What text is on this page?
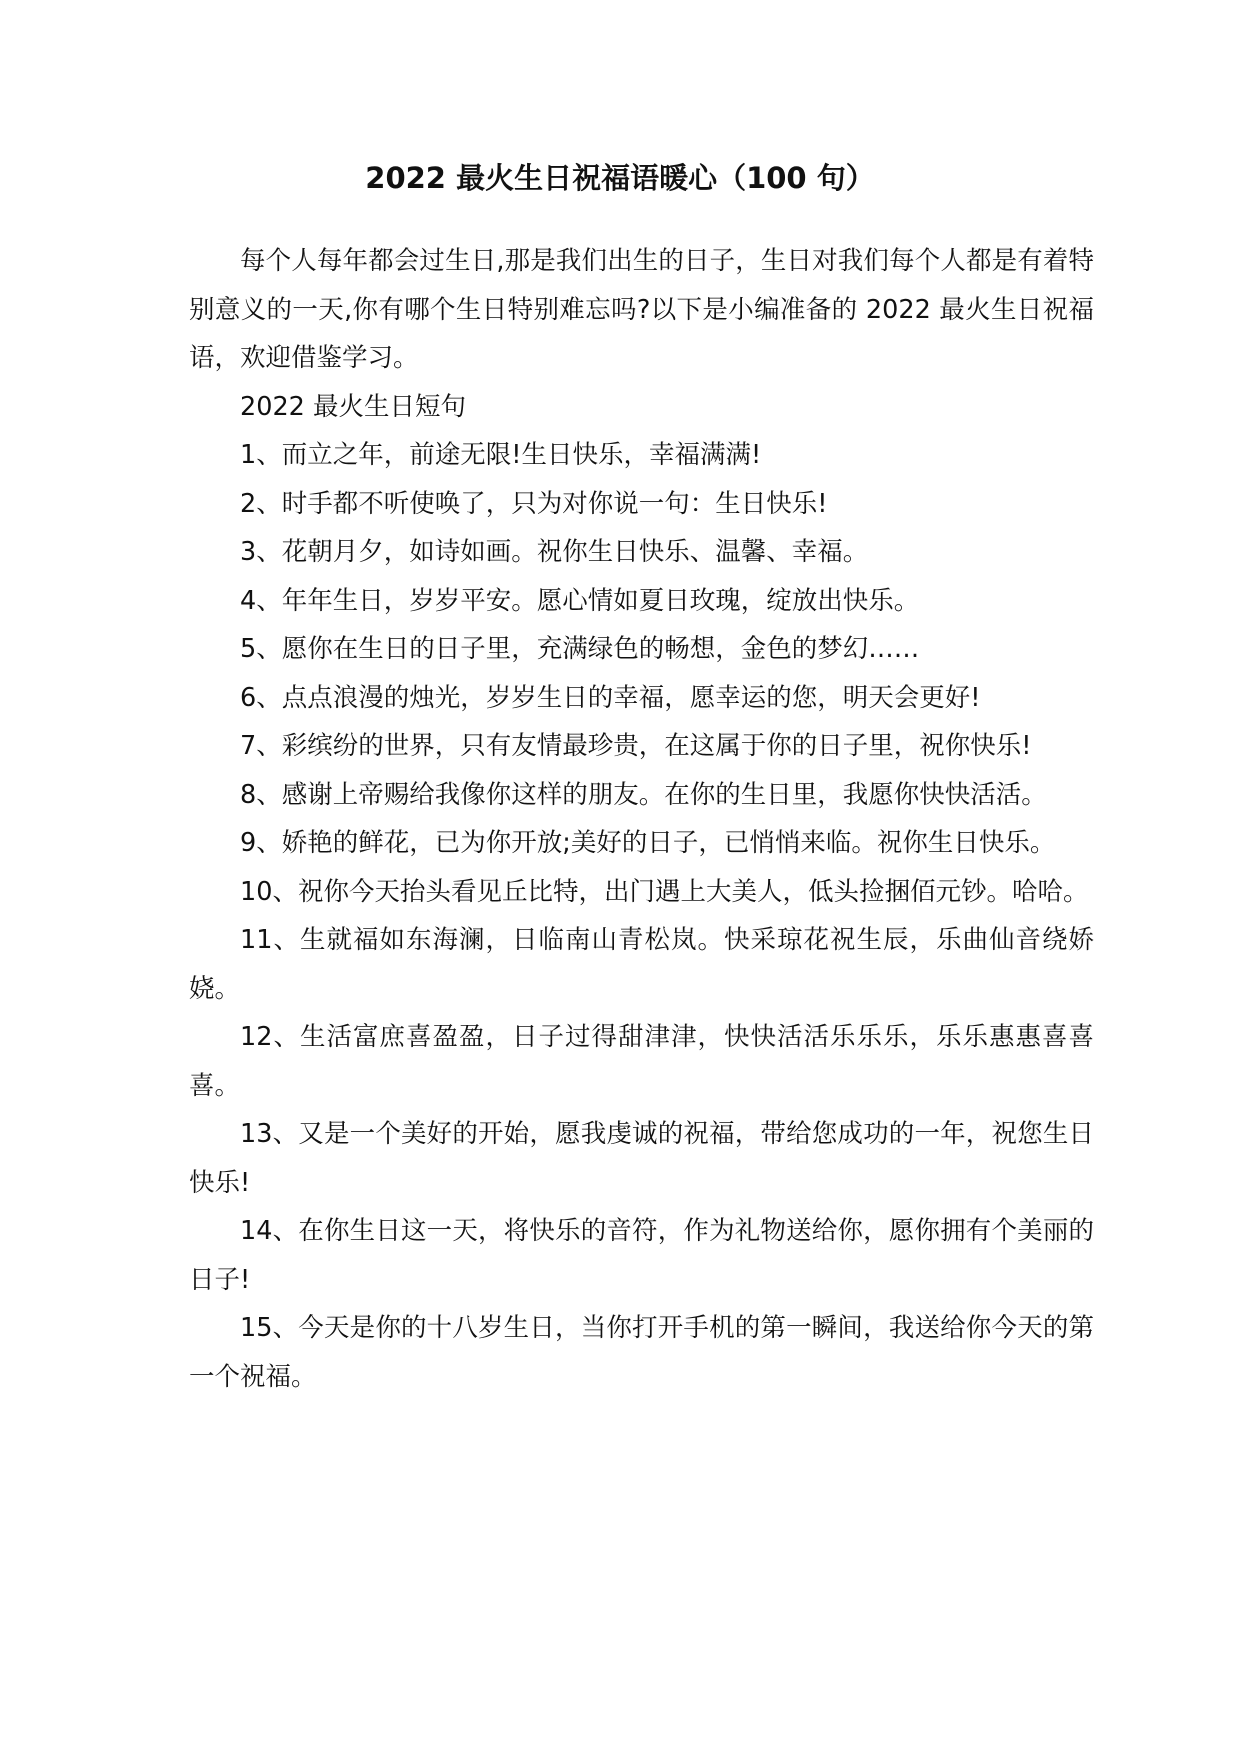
2022 最火生日祝福语暖心（100 句）

每个人每年都会过生日,那是我们出生的日子，生日对我们每个人都是有着特别意义的一天,你有哪个生日特别难忘吗?以下是小编准备的 2022 最火生日祝福语，欢迎借鉴学习。

2022 最火生日短句

1、而立之年，前途无限!生日快乐，幸福满满!

2、时手都不听使唤了，只为对你说一句：生日快乐!

3、花朝月夕，如诗如画。祝你生日快乐、温馨、幸福。

4、年年生日，岁岁平安。愿心情如夏日玫瑰，绽放出快乐。

5、愿你在生日的日子里，充满绿色的畅想，金色的梦幻……

6、点点浪漫的烛光，岁岁生日的幸福，愿幸运的您，明天会更好!

7、彩缤纷的世界，只有友情最珍贵，在这属于你的日子里，祝你快乐!

8、感谢上帝赐给我像你这样的朋友。在你的生日里，我愿你快快活活。

9、娇艳的鲜花，已为你开放;美好的日子，已悄悄来临。祝你生日快乐。

10、祝你今天抬头看见丘比特，出门遇上大美人，低头捡捆佰元钞。哈哈。

11、生就福如东海澜，日临南山青松岚。快采琼花祝生辰，乐曲仙音绕娇娆。

12、生活富庶喜盈盈，日子过得甜津津，快快活活乐乐乐，乐乐惠惠喜喜喜。

13、又是一个美好的开始，愿我虔诚的祝福，带给您成功的一年，祝您生日快乐!

14、在你生日这一天，将快乐的音符，作为礼物送给你，愿你拥有个美丽的日子!

15、今天是你的十八岁生日，当你打开手机的第一瞬间，我送给你今天的第一个祝福。
